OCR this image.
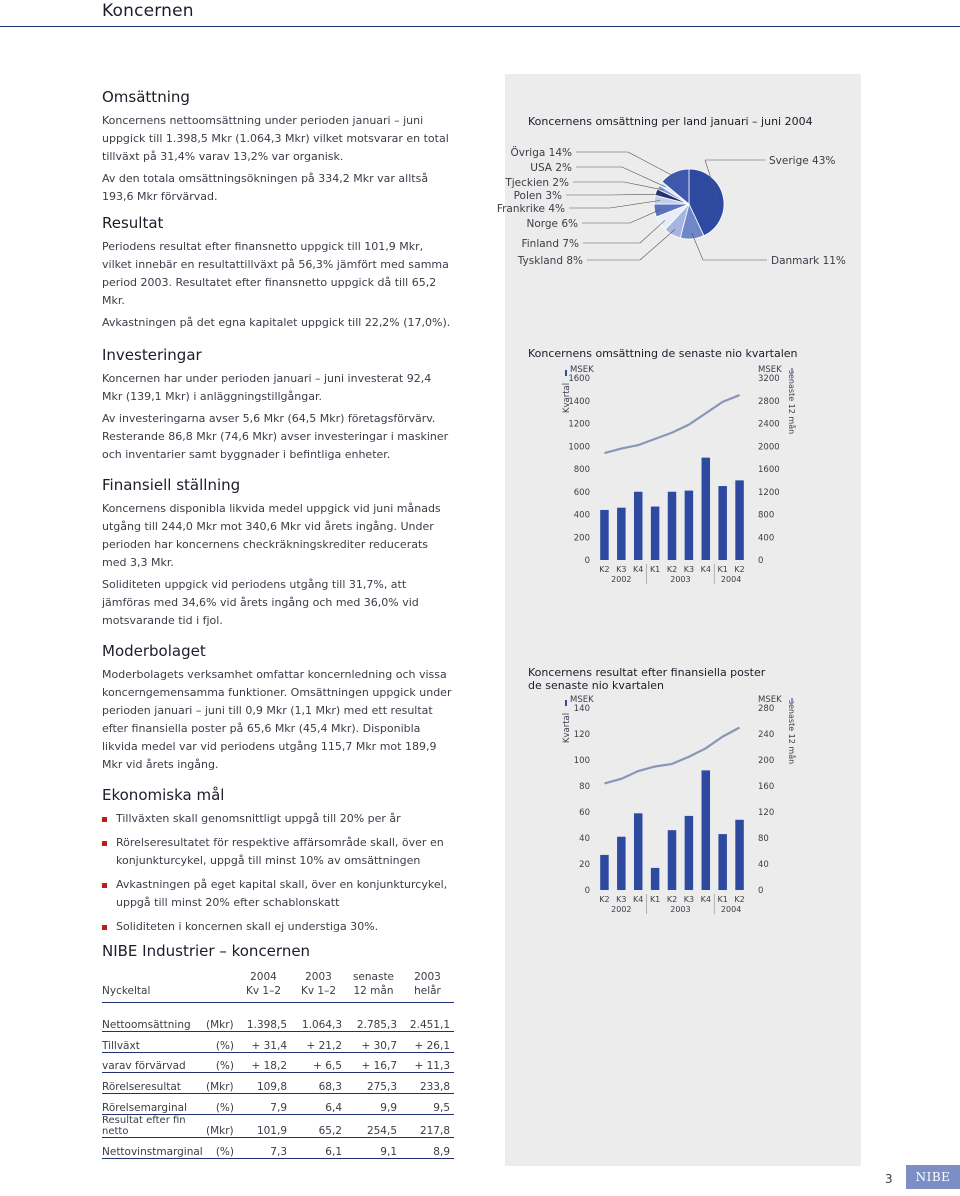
Koncernen
Omsättning

Koncernens nettoomsättning under perioden januari – juni uppgick till 1.398,5 Mkr (1.064,3 Mkr) vilket motsvarar en total tillväxt på 31,4% varav 13,2% var organisk.

Av den totala omsättningsökningen på 334,2 Mkr var alltså 193,6 Mkr förvärvad.

Resultat

Periodens resultat efter finansnetto uppgick till 101,9 Mkr, vilket innebär en resultattillväxt på 56,3% jämfört med samma period 2003. Resultatet efter finansnetto uppgick då till 65,2 Mkr.

Avkastningen på det egna kapitalet uppgick till 22,2% (17,0%).

Investeringar

Koncernen har under perioden januari – juni investerat 92,4 Mkr (139,1 Mkr) i anläggningstillgångar.

Av investeringarna avser 5,6 Mkr (64,5 Mkr) företagsförvärv. Resterande 86,8 Mkr (74,6 Mkr) avser investeringar i maskiner och inventarier samt byggnader i befintliga enheter.

Finansiell ställning

Koncernens disponibla likvida medel uppgick vid juni månads utgång till 244,0 Mkr mot 340,6 Mkr vid årets ingång. Under perioden har koncernens checkräkningskrediter reducerats med 3,3 Mkr.

Soliditeten uppgick vid periodens utgång till 31,7%, att jämföras med 34,6% vid årets ingång och med 36,0% vid motsvarande tid i fjol.

Moderbolaget

Moderbolagets verksamhet omfattar koncernledning och vissa koncerngemensamma funktioner. Omsättningen uppgick under perioden januari – juni till 0,9 Mkr (1,1 Mkr) med ett resultat efter finansiella poster på 65,6 Mkr (45,4 Mkr). Disponibla likvida medel var vid periodens utgång 115,7 Mkr mot 189,9 Mkr vid årets ingång.

Ekonomiska mål
Tillväxten skall genomsnittligt uppgå till 20% per år
Rörelseresultatet för respektive affärsområde skall, över en konjunkturcykel, uppgå till minst 10% av omsättningen
Avkastningen på eget kapital skall, över en konjunkturcykel, uppgå till minst 20% efter schablonskatt
Soliditeten i koncernen skall ej understiga 30%.
NIBE Industrier – koncernen
		2004	2003	senaste	2003
Nyckeltal		Kv 1–2	Kv 1–2	12 mån	helår

Nettoomsättning	(Mkr)	1.398,5	1.064,3	2.785,3	2.451,1
Tillväxt	(%)	+ 31,4	+ 21,2	+ 30,7	+ 26,1
varav förvärvad	(%)	+ 18,2	+ 6,5	+ 16,7	+ 11,3
Rörelseresultat	(Mkr)	109,8	68,3	275,3	233,8
Rörelsemarginal	(%)	7,9	6,4	9,9	9,5
Resultat efter fin netto	(Mkr)	101,9	65,2	254,5	217,8
Nettovinstmarginal	(%)	7,3	6,1	9,1	8,9
Koncernens omsättning per land januari – juni 2004
Sverige 43%
Danmark 11%
Tyskland 8%
Finland 7%
Norge 6%
Frankrike 4%
Polen 3%
Tjeckien 2%
USA 2%
Övriga 14%
Koncernens omsättning de senaste nio kvartalen
Kvartal	senaste 12 mån
MSEK	MSEK
0
200
400
600
800
1000
1200
1400
1600
0
400
800
1200
1600
2000
2400
2800
3200
K2 K3 K4 K1 K2 K3 K4 K1 K2
2002	2003	2004
Koncernens resultat efter finansiella poster
de senaste nio kvartalen
Kvartal	senaste 12 mån
MSEK	MSEK
0
20
40
60
80
100
120
140
0
40
80
120
160
200
240
280
K2 K3 K4 K1 K2 K3 K4 K1 K2
2002	2003	2004
3	NIBE
